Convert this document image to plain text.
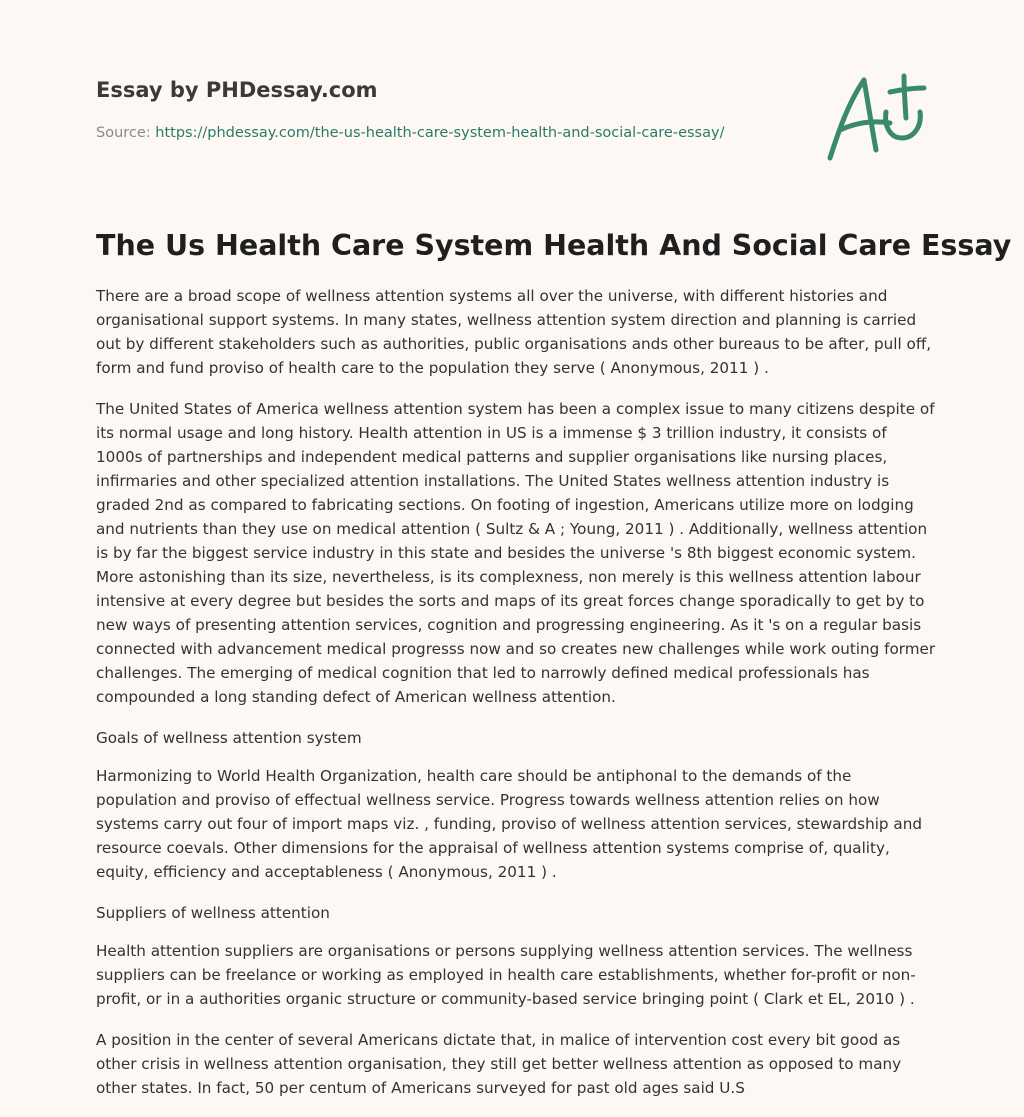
Essay by PHDessay.com
Source: https://phdessay.com/the-us-health-care-system-health-and-social-care-essay/
The Us Health Care System Health And Social Care Essay

There are a broad scope of wellness attention systems all over the universe, with different histories and organisational support systems. In many states, wellness attention system direction and planning is carried out by different stakeholders such as authorities, public organisations ands other bureaus to be after, pull off, form and fund proviso of health care to the population they serve ( Anonymous, 2011 ) .

The United States of America wellness attention system has been a complex issue to many citizens despite of its normal usage and long history. Health attention in US is a immense $ 3 trillion industry, it consists of 1000s of partnerships and independent medical patterns and supplier organisations like nursing places, infirmaries and other specialized attention installations. The United States wellness attention industry is graded 2nd as compared to fabricating sections. On footing of ingestion, Americans utilize more on lodging and nutrients than they use on medical attention ( Sultz & A ; Young, 2011 ) . Additionally, wellness attention is by far the biggest service industry in this state and besides the universe 's 8th biggest economic system. More astonishing than its size, nevertheless, is its complexness, non merely is this wellness attention labour intensive at every degree but besides the sorts and maps of its great forces change sporadically to get by to new ways of presenting attention services, cognition and progressing engineering. As it 's on a regular basis connected with advancement medical progresss now and so creates new challenges while work outing former challenges. The emerging of medical cognition that led to narrowly defined medical professionals has compounded a long standing defect of American wellness attention.

Goals of wellness attention system

Harmonizing to World Health Organization, health care should be antiphonal to the demands of the population and proviso of effectual wellness service. Progress towards wellness attention relies on how systems carry out four of import maps viz. , funding, proviso of wellness attention services, stewardship and resource coevals. Other dimensions for the appraisal of wellness attention systems comprise of, quality, equity, efficiency and acceptableness ( Anonymous, 2011 ) .

Suppliers of wellness attention

Health attention suppliers are organisations or persons supplying wellness attention services. The wellness suppliers can be freelance or working as employed in health care establishments, whether for-profit or non-profit, or in a authorities organic structure or community-based service bringing point ( Clark et EL, 2010 ) .

A position in the center of several Americans dictate that, in malice of intervention cost every bit good as other crisis in wellness attention organisation, they still get better wellness attention as opposed to many other states. In fact, 50 per centum of Americans surveyed for past old ages said U.S
